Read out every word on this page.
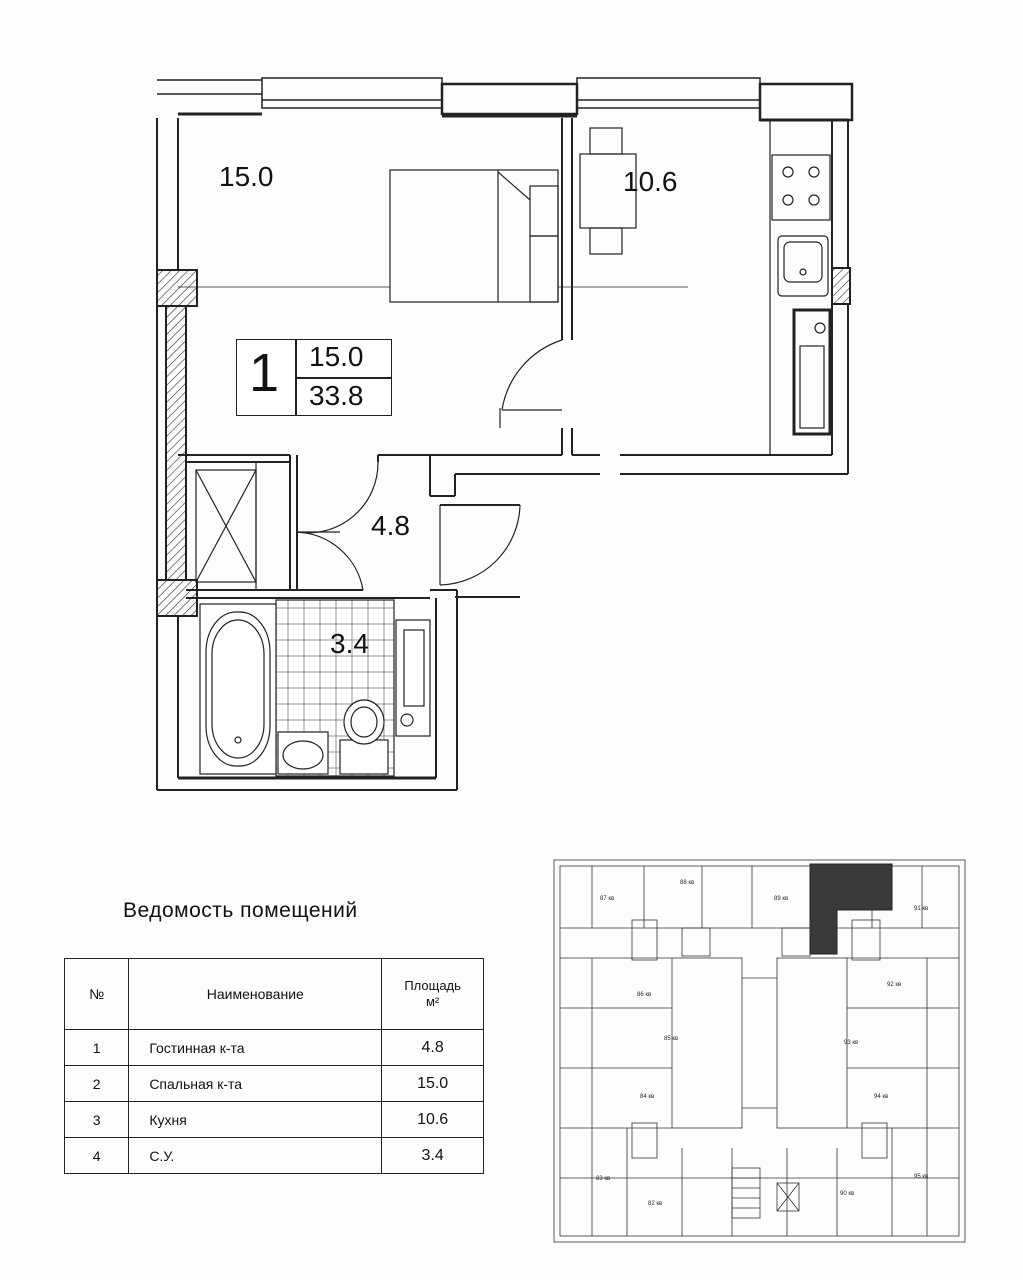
15.0	10.6
4.8
3.4
1 15.0
33.8
Ведомость помещений
№	Наименование	Площадь
м²

1	Гостинная к-та	4.8
2	Спальная к-та	15.0
3	Кухня	10.6
4	С.У.	3.4
87 кв
88 кв
89 кв
91 кв
86 кв
92 кв
85 кв
93 кв
84 кв	94 кв
83 кв
82 кв
90 кв
95 кв
